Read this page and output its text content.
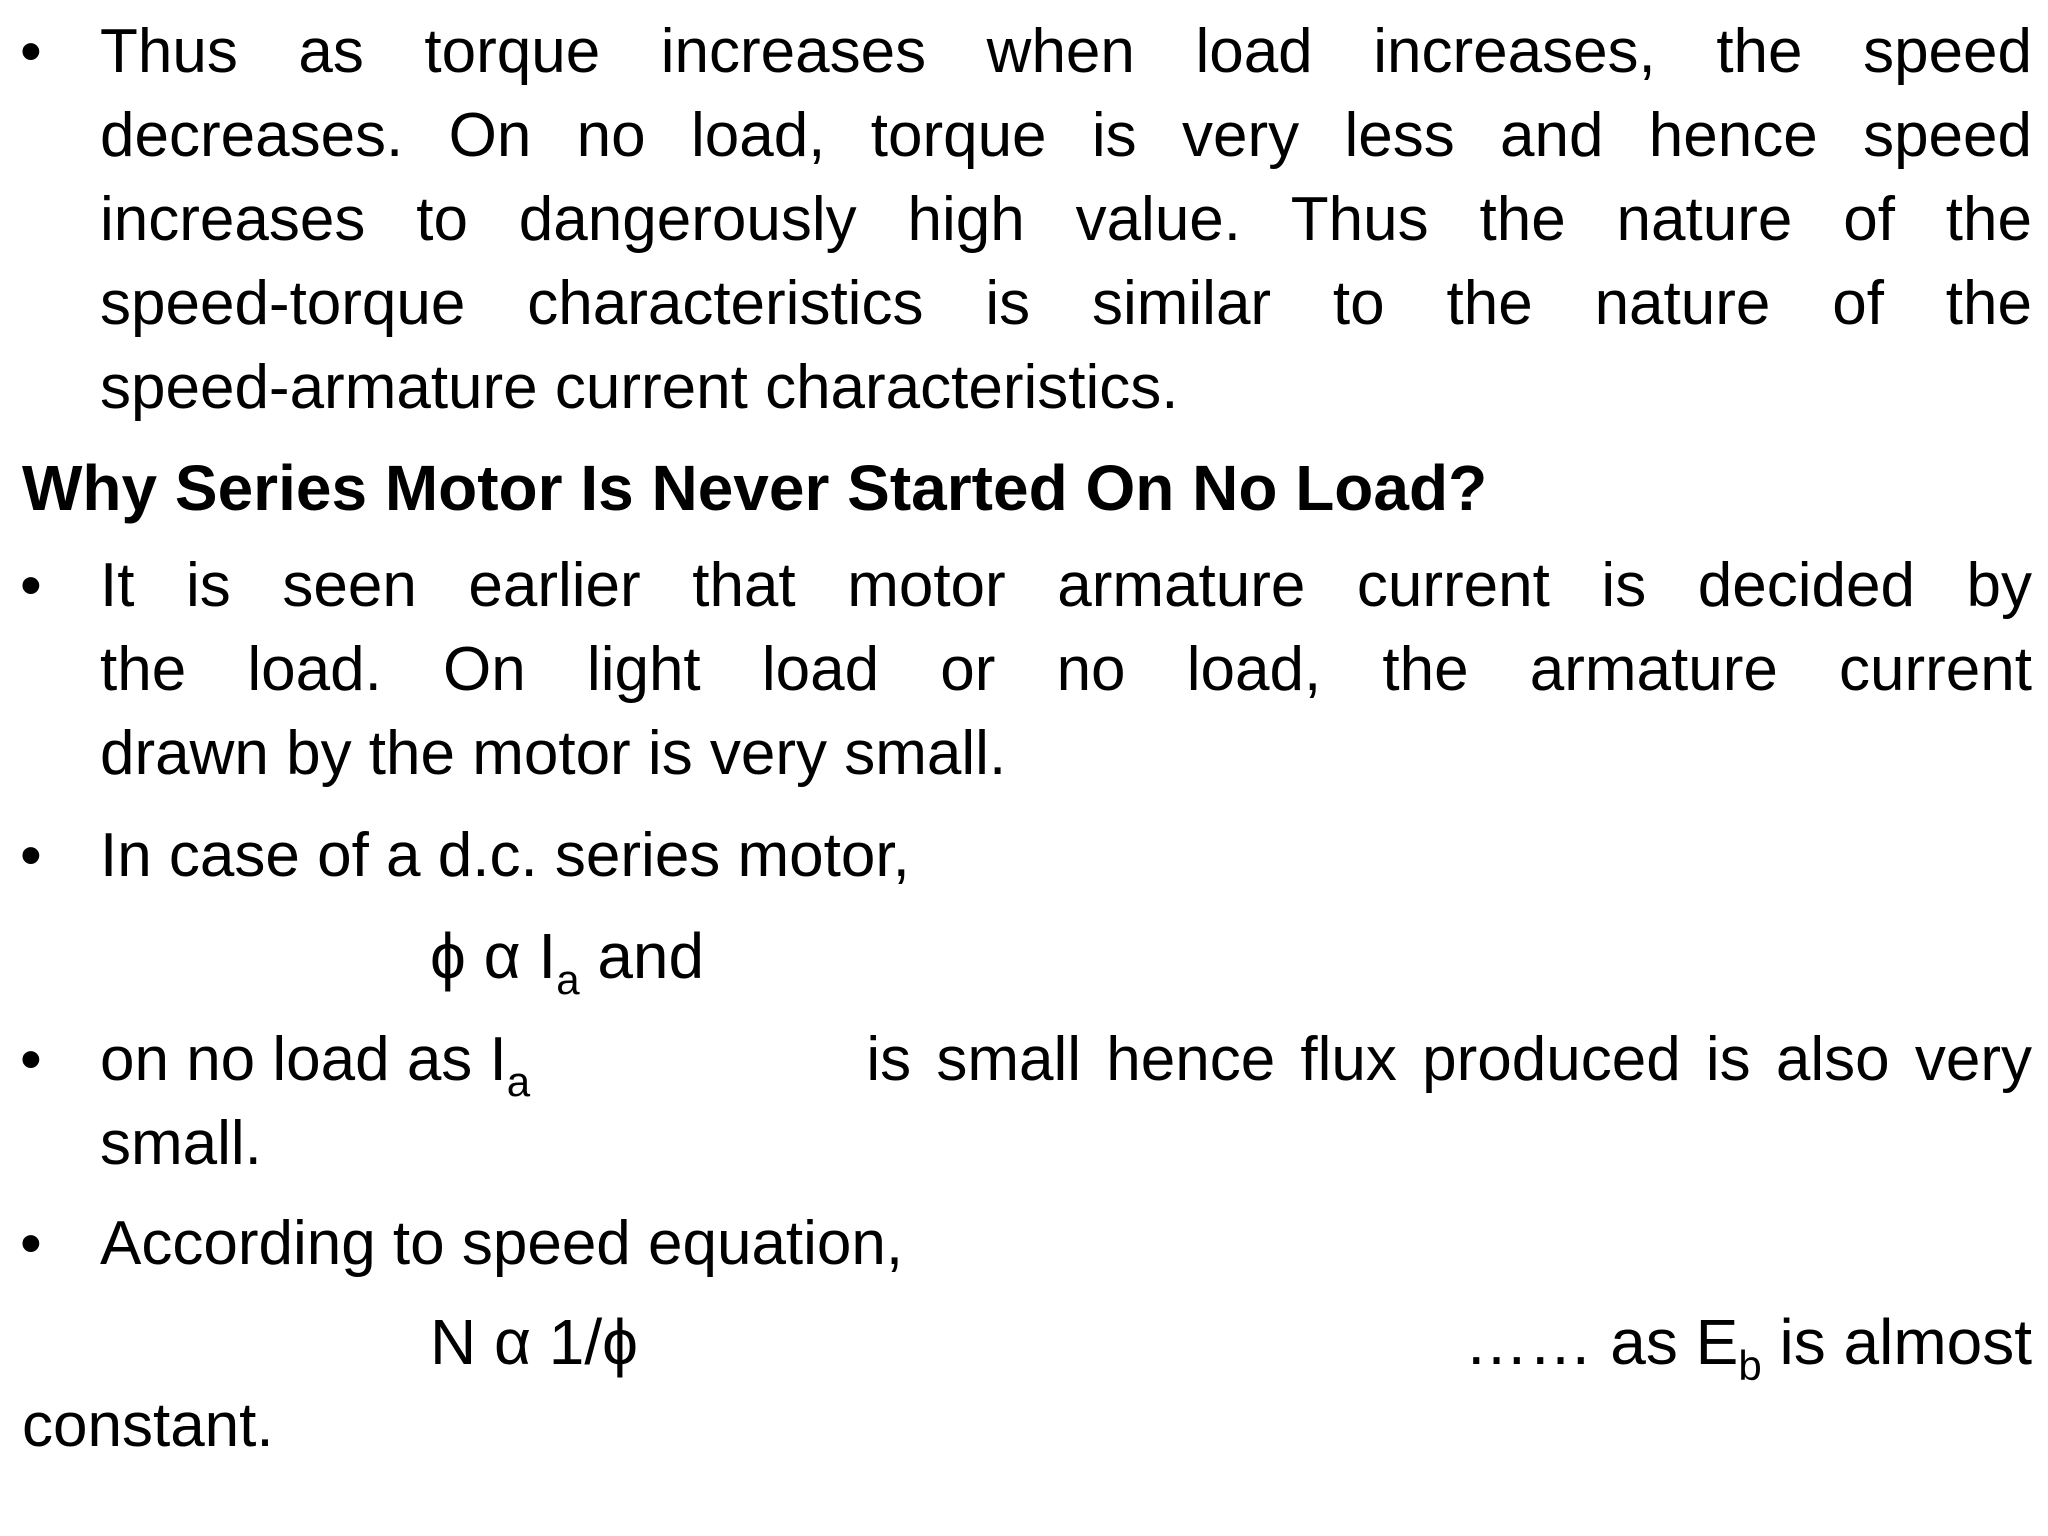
• Thus as torque increases when load increases, the speed
decreases. On no load, torque is very less and hence speed
increases to dangerously high value. Thus the nature of the
speed-torque characteristics is similar to the nature of the
speed-armature current characteristics.
Why Series Motor Is Never Started On No Load?
• It is seen earlier that motor armature current is decided by
the load. On light load or no load, the armature current
drawn by the motor is very small.
• In case of a d.c. series motor,
ϕ α $I_a$ and
• on no load as $I_a$	is small hence flux produced is also very
small.
• According to speed equation,
N α 1/ϕ	…… as $E_b$ is almost
constant.
